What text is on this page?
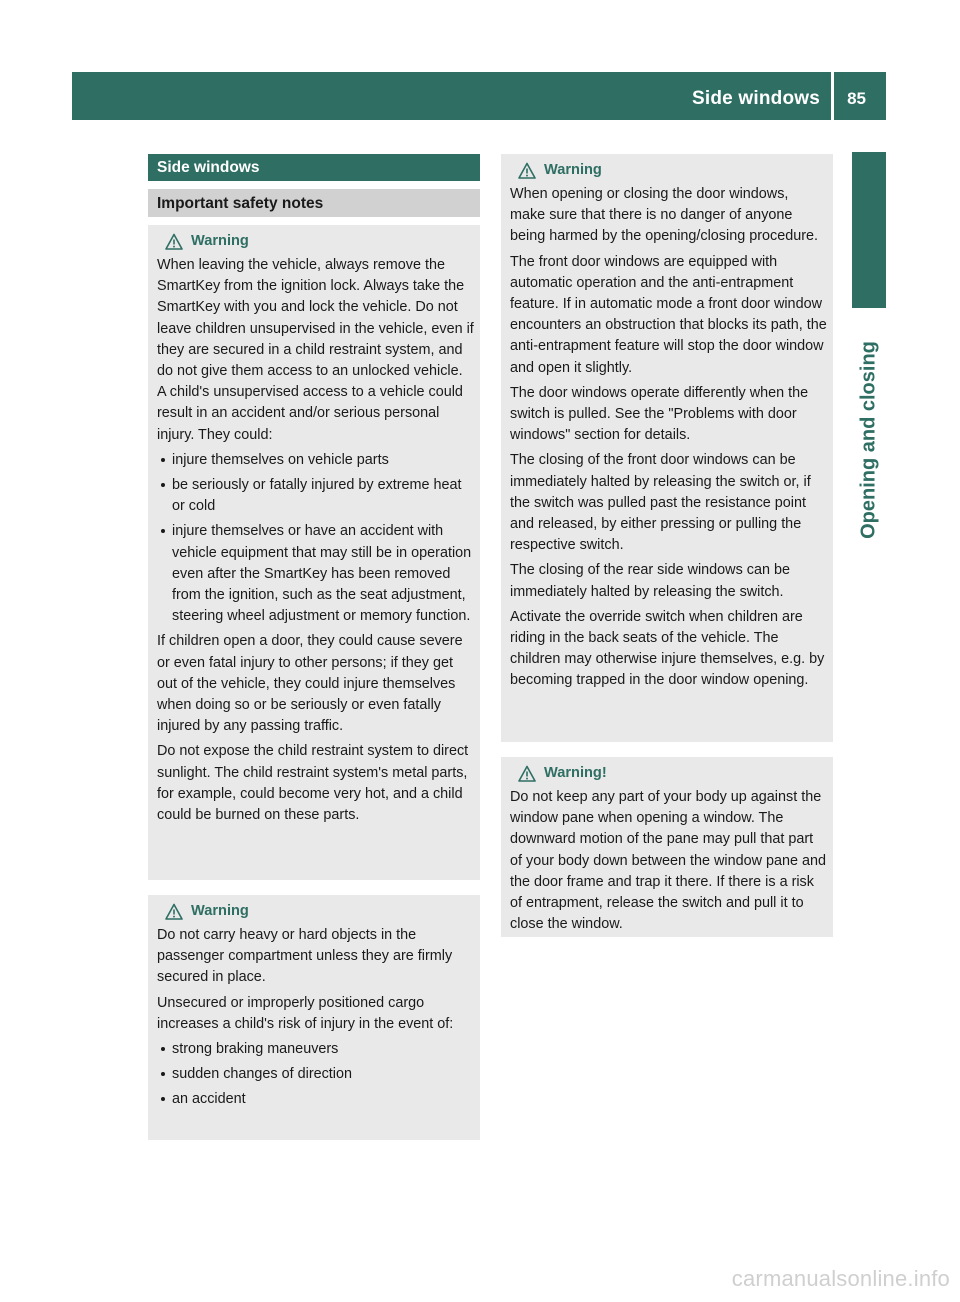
Side windows 85
Opening and closing
Side windows
Important safety notes
Warning

When leaving the vehicle, always remove the SmartKey from the ignition lock. Always take the SmartKey with you and lock the vehicle. Do not leave children unsupervised in the vehicle, even if they are secured in a child restraint system, and do not give them access to an unlocked vehicle. A child's unsupervised access to a vehicle could result in an accident and/or serious personal injury. They could:

injure themselves on vehicle parts
be seriously or fatally injured by extreme heat or cold
injure themselves or have an accident with vehicle equipment that may still be in operation even after the SmartKey has been removed from the ignition, such as the seat adjustment, steering wheel adjustment or memory function.

If children open a door, they could cause severe or even fatal injury to other persons; if they get out of the vehicle, they could injure themselves when doing so or be seriously or even fatally injured by any passing traffic.

Do not expose the child restraint system to direct sunlight. The child restraint system's metal parts, for example, could become very hot, and a child could be burned on these parts.

Warning

Do not carry heavy or hard objects in the passenger compartment unless they are firmly secured in place.

Unsecured or improperly positioned cargo increases a child's risk of injury in the event of:

strong braking maneuvers
sudden changes of direction
an accident
Warning

When opening or closing the door windows, make sure that there is no danger of anyone being harmed by the opening/closing procedure.

The front door windows are equipped with automatic operation and the anti-entrapment feature. If in automatic mode a front door window encounters an obstruction that blocks its path, the anti-entrapment feature will stop the door window and open it slightly.

The door windows operate differently when the switch is pulled. See the "Problems with door windows" section for details.

The closing of the front door windows can be immediately halted by releasing the switch or, if the switch was pulled past the resistance point and released, by either pressing or pulling the respective switch.

The closing of the rear side windows can be immediately halted by releasing the switch.

Activate the override switch when children are riding in the back seats of the vehicle. The children may otherwise injure themselves, e.g. by becoming trapped in the door window opening.

Warning!

Do not keep any part of your body up against the window pane when opening a window. The downward motion of the pane may pull that part of your body down between the window pane and the door frame and trap it there. If there is a risk of entrapment, release the switch and pull it to close the window.

carmanualsonline.info
